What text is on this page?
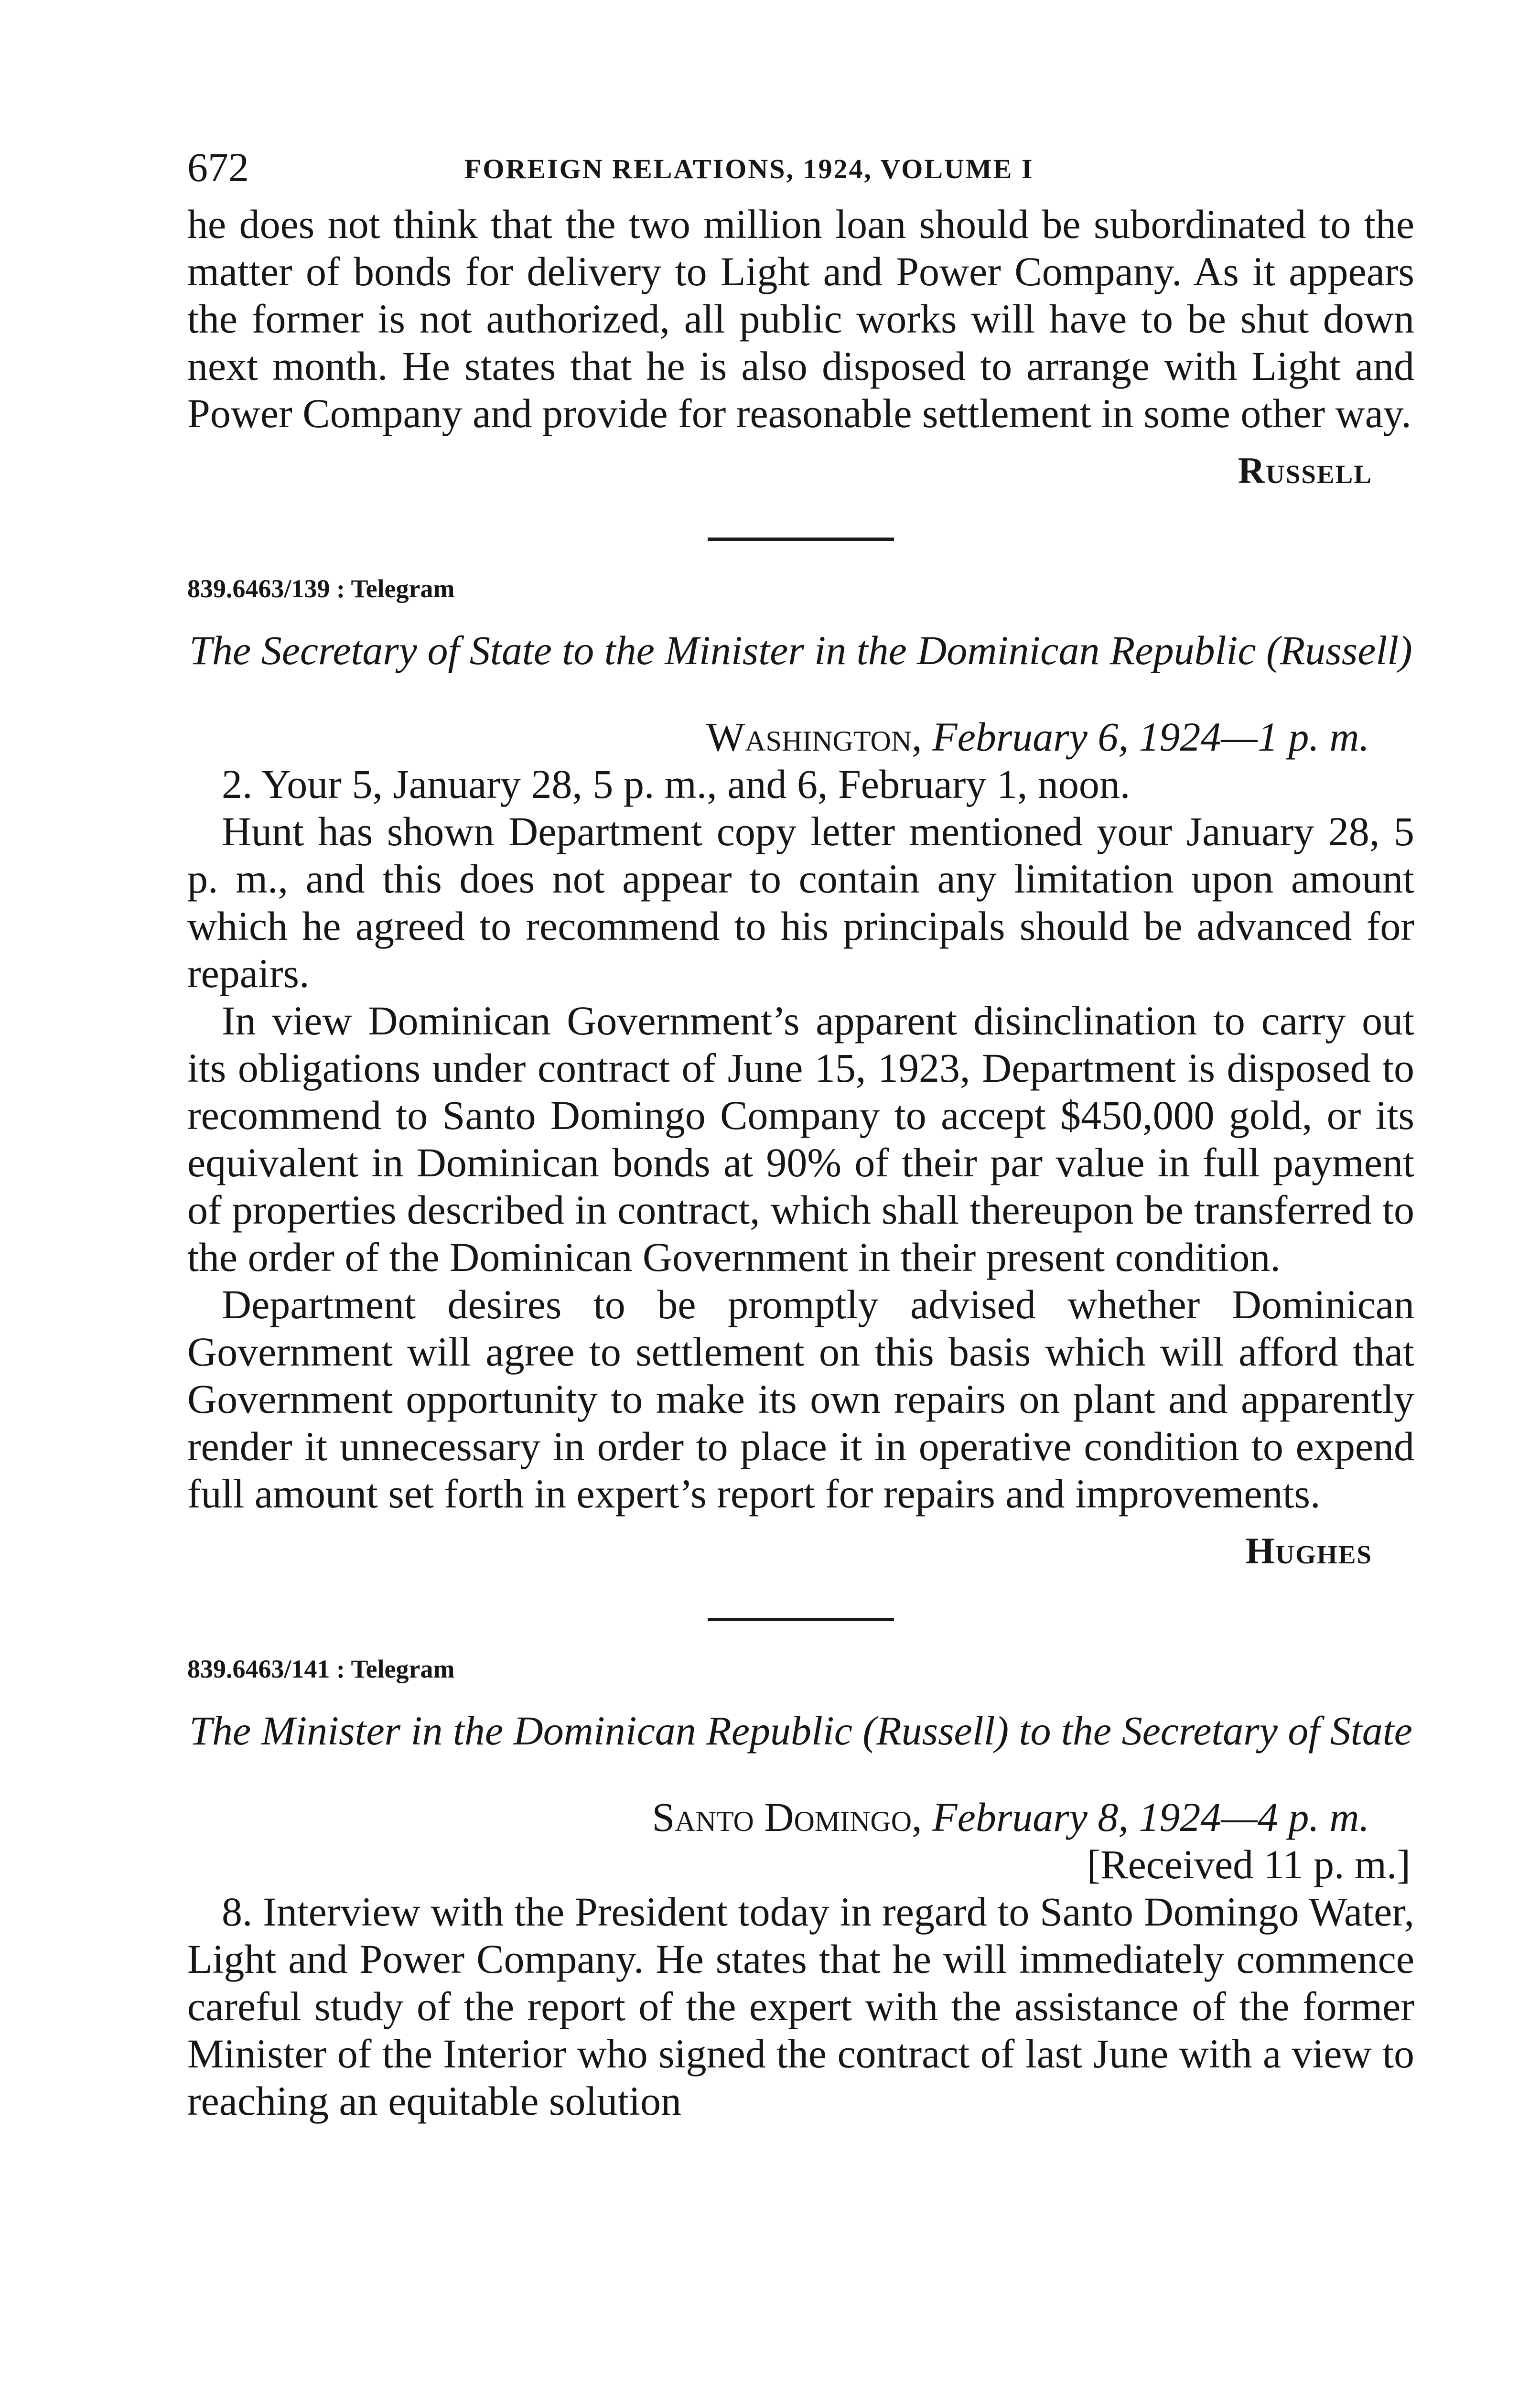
672	FOREIGN RELATIONS, 1924, VOLUME I

he does not think that the two million loan should be subordinated to the matter of bonds for delivery to Light and Power Company. As it appears the former is not authorized, all public works will have to be shut down next month. He states that he is also disposed to arrange with Light and Power Company and provide for reasonable settlement in some other way.

Russell
839.6463/139 : Telegram
The Secretary of State to the Minister in the Dominican Republic (Russell)
Washington, February 6, 1924—1 p. m.

2. Your 5, January 28, 5 p. m., and 6, February 1, noon.

Hunt has shown Department copy letter mentioned your January 28, 5 p. m., and this does not appear to contain any limitation upon amount which he agreed to recommend to his principals should be advanced for repairs.

In view Dominican Government’s apparent disinclination to carry out its obligations under contract of June 15, 1923, Department is disposed to recommend to Santo Domingo Company to accept $450,000 gold, or its equivalent in Dominican bonds at 90% of their par value in full payment of properties described in contract, which shall thereupon be transferred to the order of the Dominican Government in their present condition.

Department desires to be promptly advised whether Dominican Government will agree to settlement on this basis which will afford that Government opportunity to make its own repairs on plant and apparently render it unnecessary in order to place it in operative condition to expend full amount set forth in expert’s report for repairs and improvements.

Hughes
839.6463/141 : Telegram
The Minister in the Dominican Republic (Russell) to the Secretary of State
Santo Domingo, February 8, 1924—4 p. m.
[Received 11 p. m.]

8. Interview with the President today in regard to Santo Domingo Water, Light and Power Company. He states that he will immediately commence careful study of the report of the expert with the assistance of the former Minister of the Interior who signed the contract of last June with a view to reaching an equitable solution
